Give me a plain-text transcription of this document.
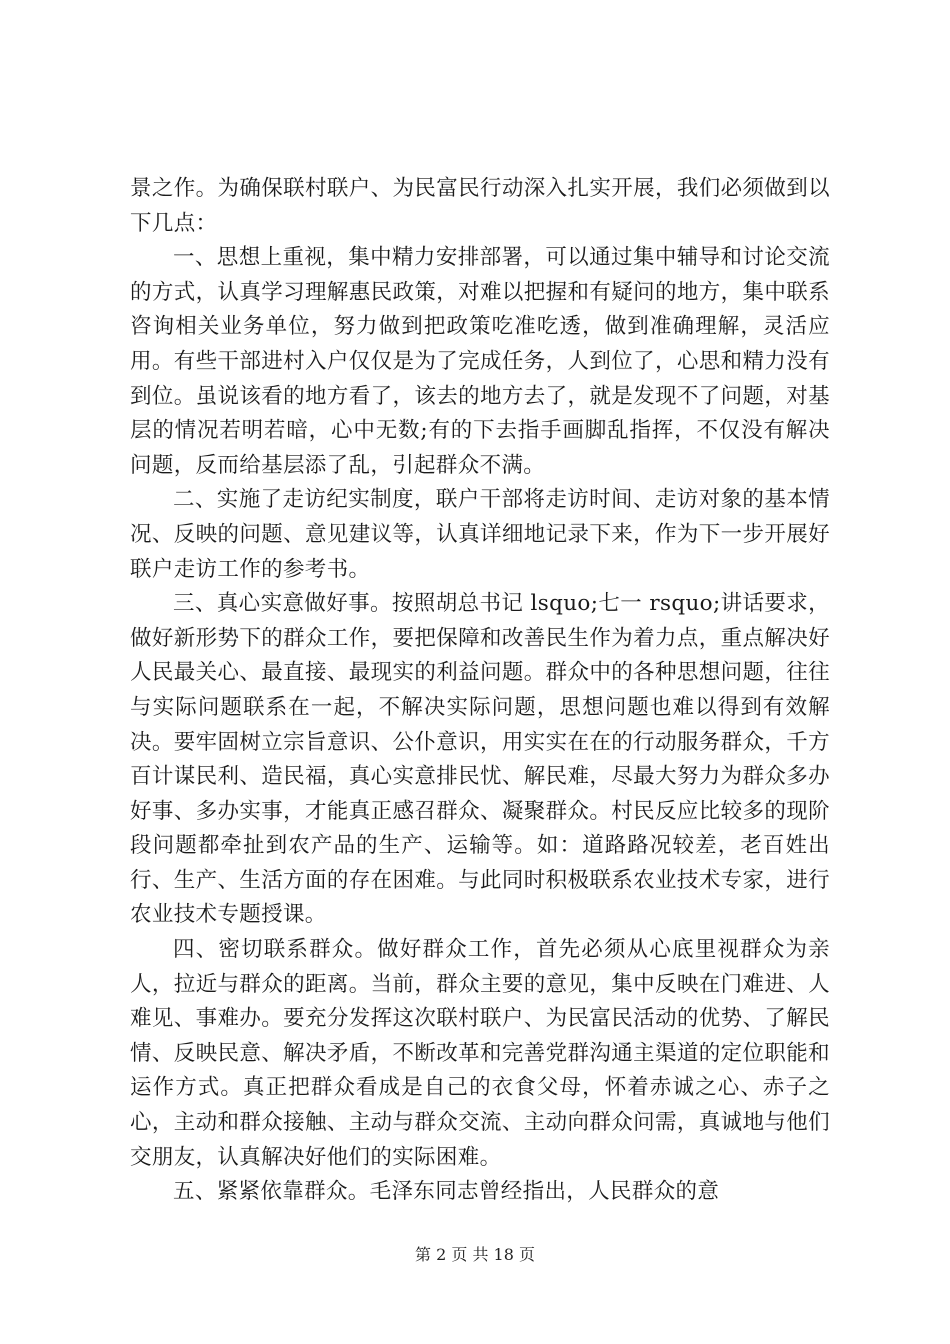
景之作。为确保联村联户、为民富民行动深入扎实开展，我们必须做到以下几点：

一、思想上重视，集中精力安排部署，可以通过集中辅导和讨论交流的方式，认真学习理解惠民政策，对难以把握和有疑问的地方，集中联系咨询相关业务单位，努力做到把政策吃准吃透，做到准确理解，灵活应用。有些干部进村入户仅仅是为了完成任务，人到位了，心思和精力没有到位。虽说该看的地方看了，该去的地方去了，就是发现不了问题，对基层的情况若明若暗，心中无数;有的下去指手画脚乱指挥，不仅没有解决问题，反而给基层添了乱，引起群众不满。

二、实施了走访纪实制度，联户干部将走访时间、走访对象的基本情况、反映的问题、意见建议等，认真详细地记录下来，作为下一步开展好联户走访工作的参考书。

三、真心实意做好事。按照胡总书记 lsquo;七一 rsquo;讲话要求，做好新形势下的群众工作，要把保障和改善民生作为着力点，重点解决好人民最关心、最直接、最现实的利益问题。群众中的各种思想问题，往往与实际问题联系在一起，不解决实际问题，思想问题也难以得到有效解决。要牢固树立宗旨意识、公仆意识，用实实在在的行动服务群众，千方百计谋民利、造民福，真心实意排民忧、解民难，尽最大努力为群众多办好事、多办实事，才能真正感召群众、凝聚群众。村民反应比较多的现阶段问题都牵扯到农产品的生产、运输等。如：道路路况较差，老百姓出行、生产、生活方面的存在困难。与此同时积极联系农业技术专家，进行农业技术专题授课。

四、密切联系群众。做好群众工作，首先必须从心底里视群众为亲人，拉近与群众的距离。当前，群众主要的意见，集中反映在门难进、人难见、事难办。要充分发挥这次联村联户、为民富民活动的优势、了解民情、反映民意、解决矛盾，不断改革和完善党群沟通主渠道的定位职能和运作方式。真正把群众看成是自己的衣食父母，怀着赤诚之心、赤子之心，主动和群众接触、主动与群众交流、主动向群众问需，真诚地与他们交朋友，认真解决好他们的实际困难。

五、紧紧依靠群众。毛泽东同志曾经指出，人民群众的意

第 2 页 共 18 页
